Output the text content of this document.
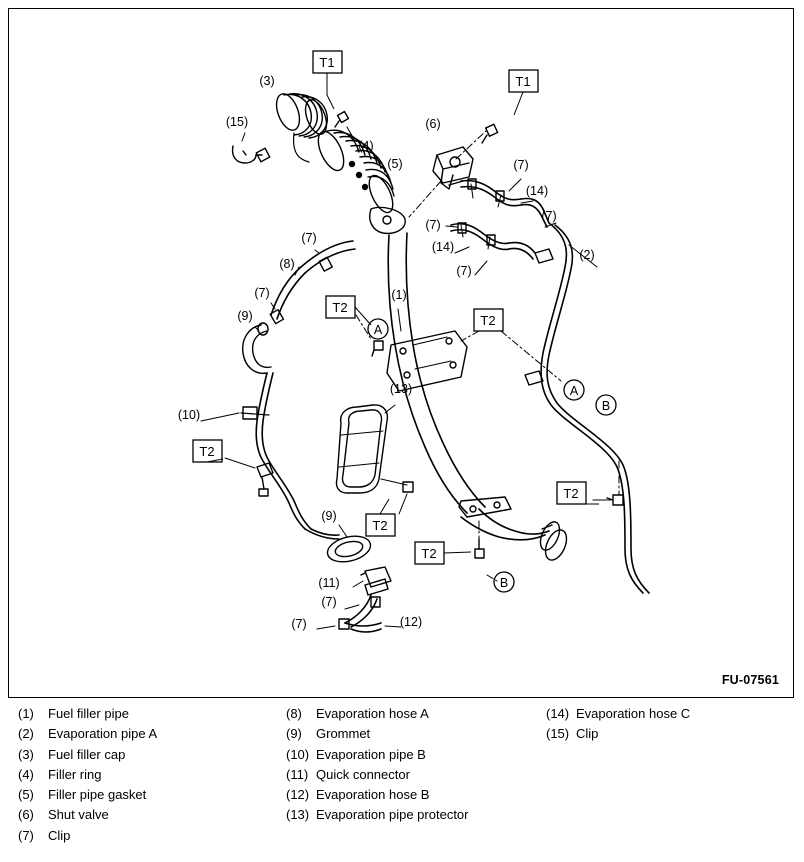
(3)
(15)
(4)
(5)
(6)
(7)
(14)
(7)
(7)
(14)
(7)
(2)
(7)
(8)
(7)
(9)
(1)
(13)
(10)
(9)
(11)
(7)
(7)	(12)
T1
T1
T2
T2
T2
T2
T2
T2
A
A
B
B
FU-07561
(1)	Fuel filler pipe
(2)	Evaporation pipe A
(3)	Fuel filler cap
(4)	Filler ring
(5)	Filler pipe gasket
(6)	Shut valve
(7)	Clip
(8)	Evaporation hose A
(9)	Grommet
(10) Evaporation pipe B
(11) Quick connector
(12) Evaporation hose B
(13) Evaporation pipe protector
(14) Evaporation hose C
(15) Clip
